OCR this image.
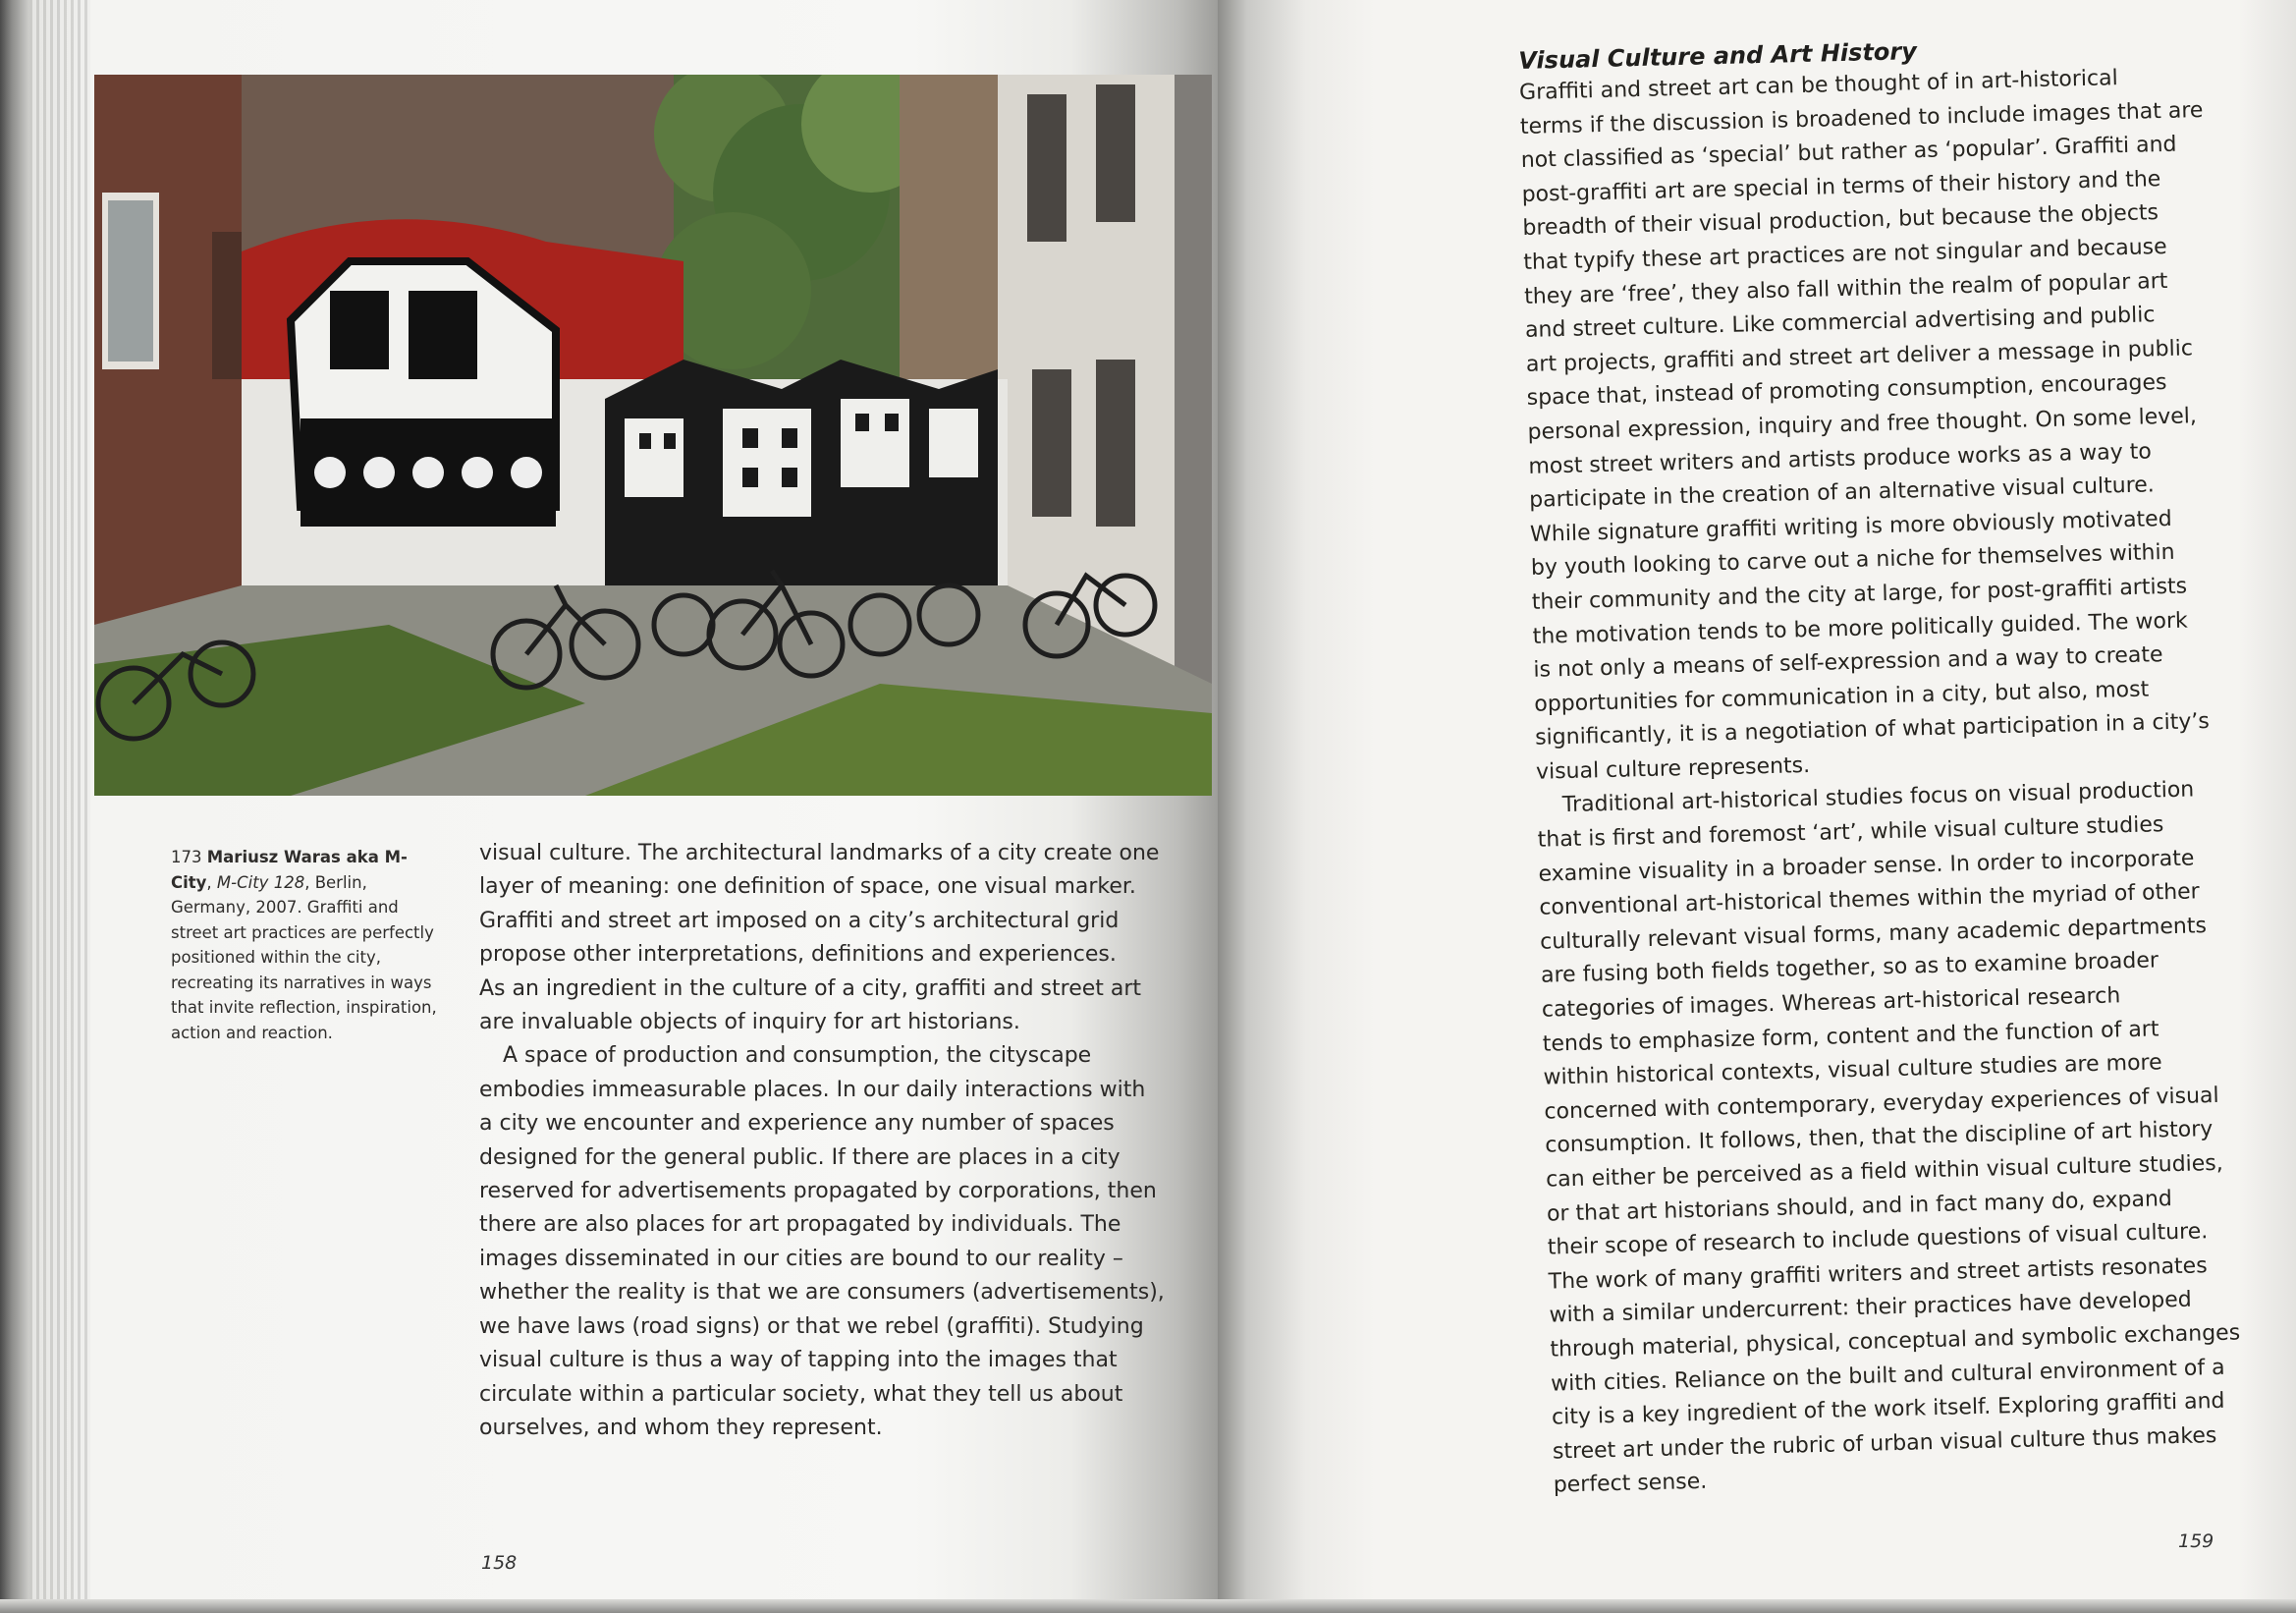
173 Mariusz Waras aka M-City, M-City 128, Berlin, Germany, 2007. Graffiti and street art practices are perfectly positioned within the city, recreating its narratives in ways that invite reflection, inspiration, action and reaction.

visual culture. The architectural landmarks of a city create one
layer of meaning: one definition of space, one visual marker.
Graffiti and street art imposed on a city’s architectural grid
propose other interpretations, definitions and experiences.
As an ingredient in the culture of a city, graffiti and street art
are invaluable objects of inquiry for art historians.

A space of production and consumption, the cityscape
embodies immeasurable places. In our daily interactions with
a city we encounter and experience any number of spaces
designed for the general public. If there are places in a city
reserved for advertisements propagated by corporations, then
there are also places for art propagated by individuals. The
images disseminated in our cities are bound to our reality –
whether the reality is that we are consumers (advertisements),
we have laws (road signs) or that we rebel (graffiti). Studying
visual culture is thus a way of tapping into the images that
circulate within a particular society, what they tell us about
ourselves, and whom they represent.

158
Visual Culture and Art History
Graffiti and street art can be thought of in art-historical
terms if the discussion is broadened to include images that are
not classified as ‘special’ but rather as ‘popular’. Graffiti and
post-graffiti art are special in terms of their history and the
breadth of their visual production, but because the objects
that typify these art practices are not singular and because
they are ‘free’, they also fall within the realm of popular art
and street culture. Like commercial advertising and public
art projects, graffiti and street art deliver a message in public
space that, instead of promoting consumption, encourages
personal expression, inquiry and free thought. On some level,
most street writers and artists produce works as a way to
participate in the creation of an alternative visual culture.
While signature graffiti writing is more obviously motivated
by youth looking to carve out a niche for themselves within
their community and the city at large, for post-graffiti artists
the motivation tends to be more politically guided. The work
is not only a means of self-expression and a way to create
opportunities for communication in a city, but also, most
significantly, it is a negotiation of what participation in a city’s
visual culture represents.
Traditional art-historical studies focus on visual production
that is first and foremost ‘art’, while visual culture studies
examine visuality in a broader sense. In order to incorporate
conventional art-historical themes within the myriad of other
culturally relevant visual forms, many academic departments
are fusing both fields together, so as to examine broader
categories of images. Whereas art-historical research
tends to emphasize form, content and the function of art
within historical contexts, visual culture studies are more
concerned with contemporary, everyday experiences of visual
consumption. It follows, then, that the discipline of art history
can either be perceived as a field within visual culture studies,
or that art historians should, and in fact many do, expand
their scope of research to include questions of visual culture.
The work of many graffiti writers and street artists resonates
with a similar undercurrent: their practices have developed
through material, physical, conceptual and symbolic exchanges
with cities. Reliance on the built and cultural environment of a
city is a key ingredient of the work itself. Exploring graffiti and
street art under the rubric of urban visual culture thus makes
perfect sense.
159
